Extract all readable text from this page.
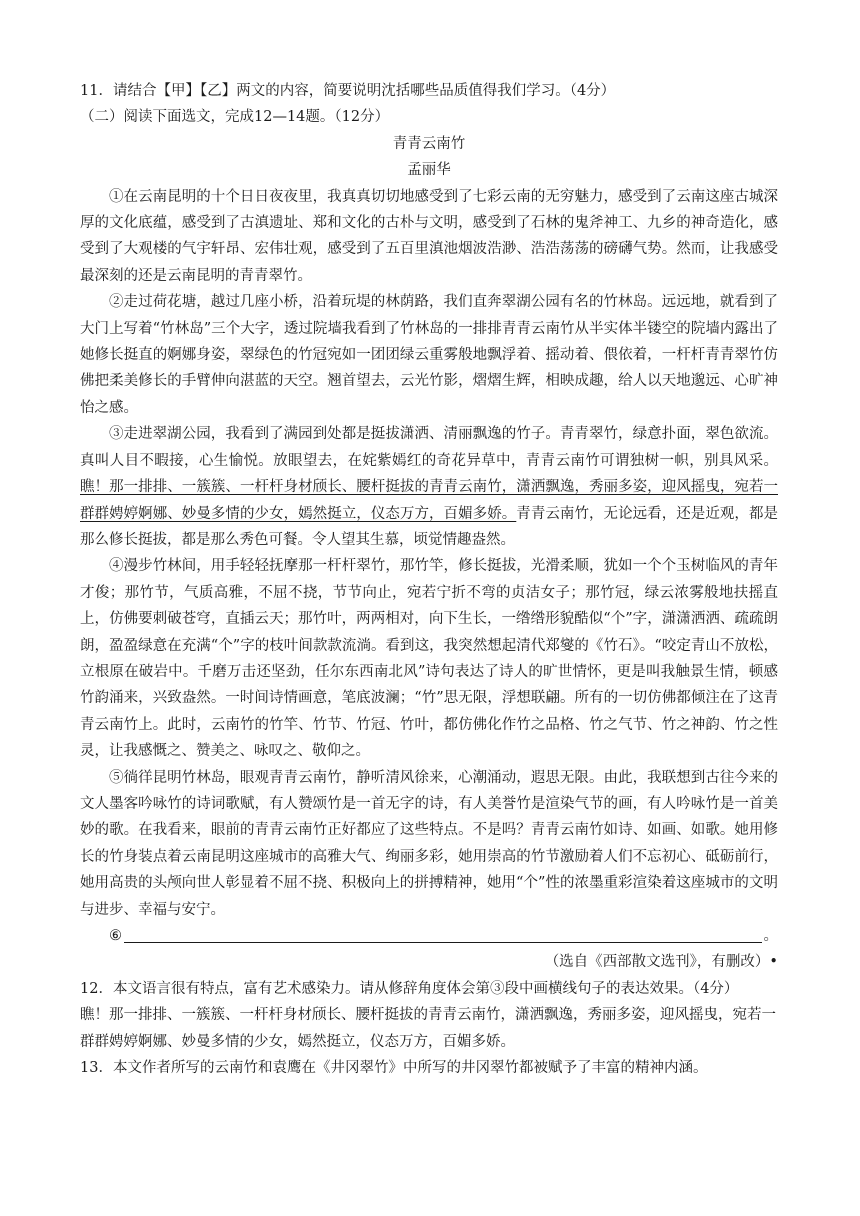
11．请结合【甲】【乙】两文的内容，简要说明沈括哪些品质值得我们学习。（4分）

（二）阅读下面选文，完成12—14题。（12分）

青青云南竹

孟丽华

①在云南昆明的十个日日夜夜里，我真真切切地感受到了七彩云南的无穷魅力，感受到了云南这座古城深厚的文化底蕴，感受到了古滇遗址、郑和文化的古朴与文明，感受到了石林的鬼斧神工、九乡的神奇造化，感受到了大观楼的气宇轩昂、宏伟壮观，感受到了五百里滇池烟波浩渺、浩浩荡荡的磅礴气势。然而，让我感受最深刻的还是云南昆明的青青翠竹。

②走过荷花塘，越过几座小桥，沿着玩堤的林荫路，我们直奔翠湖公园有名的竹林岛。远远地，就看到了大门上写着“竹林岛”三个大字，透过院墙我看到了竹林岛的一排排青青云南竹从半实体半镂空的院墙内露出了她修长挺直的婀娜身姿，翠绿色的竹冠宛如一团团绿云重雾般地飘浮着、摇动着、偎依着，一杆杆青青翠竹仿佛把柔美修长的手臂伸向湛蓝的天空。翘首望去，云光竹影，熠熠生辉，相映成趣，给人以天地邈远、心旷神怡之感。

③走进翠湖公园，我看到了满园到处都是挺拔潇洒、清丽飘逸的竹子。青青翠竹，绿意扑面，翠色欲流。真叫人目不暇接，心生愉悦。放眼望去，在姹紫嫣红的奇花异草中，青青云南竹可谓独树一帜，别具风采。瞧！那一排排、一簇簇、一杆杆身材颀长、腰杆挺拔的青青云南竹，潇洒飘逸，秀丽多姿，迎风摇曳，宛若一群群娉婷婀娜、妙曼多情的少女，嫣然挺立，仪态万方，百媚多娇。青青云南竹，无论远看，还是近观，都是那么修长挺拔，都是那么秀色可餐。令人望其生慕，顷觉情趣盎然。

④漫步竹林间，用手轻轻抚摩那一杆杆翠竹，那竹竿，修长挺拔，光滑柔顺，犹如一个个玉树临风的青年才俊；那竹节，气质高雅，不屈不挠，节节向止，宛若宁折不弯的贞洁女子；那竹冠，绿云浓雾般地扶摇直上，仿佛要刺破苍穹，直插云天；那竹叶，两两相对，向下生长，一绺绺形貌酷似“个”字，潇潇洒洒、疏疏朗朗，盈盈绿意在充满“个”字的枝叶间款款流淌。看到这，我突然想起清代郑燮的《竹石》。“咬定青山不放松，立根原在破岩中。千磨万击还坚劲，任尔东西南北风”诗句表达了诗人的旷世情怀，更是叫我触景生情，顿感竹韵涌来，兴致盎然。一时间诗情画意，笔底波澜；“竹”思无限，浮想联翩。所有的一切仿佛都倾注在了这青青云南竹上。此时，云南竹的竹竿、竹节、竹冠、竹叶，都仿佛化作竹之品格、竹之气节、竹之神韵、竹之性灵，让我感慨之、赞美之、咏叹之、敬仰之。

⑤徜徉昆明竹林岛，眼观青青云南竹，静听清风徐来，心潮涌动，遐思无限。由此，我联想到古往今来的文人墨客吟咏竹的诗词歌赋，有人赞颂竹是一首无字的诗，有人美誉竹是渲染气节的画，有人吟咏竹是一首美妙的歌。在我看来，眼前的青青云南竹正好都应了这些特点。不是吗？青青云南竹如诗、如画、如歌。她用修长的竹身装点着云南昆明这座城市的高雅大气、绚丽多彩，她用崇高的竹节激励着人们不忘初心、砥砺前行，她用高贵的头颅向世人彰显着不屈不挠、积极向上的拼搏精神，她用“个”性的浓墨重彩渲染着这座城市的文明与进步、幸福与安宁。

⑥	。

（选自《西部散文选刊》，有删改）•

12．本文语言很有特点，富有艺术感染力。请从修辞角度体会第③段中画横线句子的表达效果。（4分）

瞧！那一排排、一簇簇、一杆杆身材颀长、腰杆挺拔的青青云南竹，潇洒飘逸，秀丽多姿，迎风摇曳，宛若一群群娉婷婀娜、妙曼多情的少女，嫣然挺立，仪态万方，百媚多娇。

13．本文作者所写的云南竹和袁鹰在《井冈翠竹》中所写的井冈翠竹都被赋予了丰富的精神内涵。
